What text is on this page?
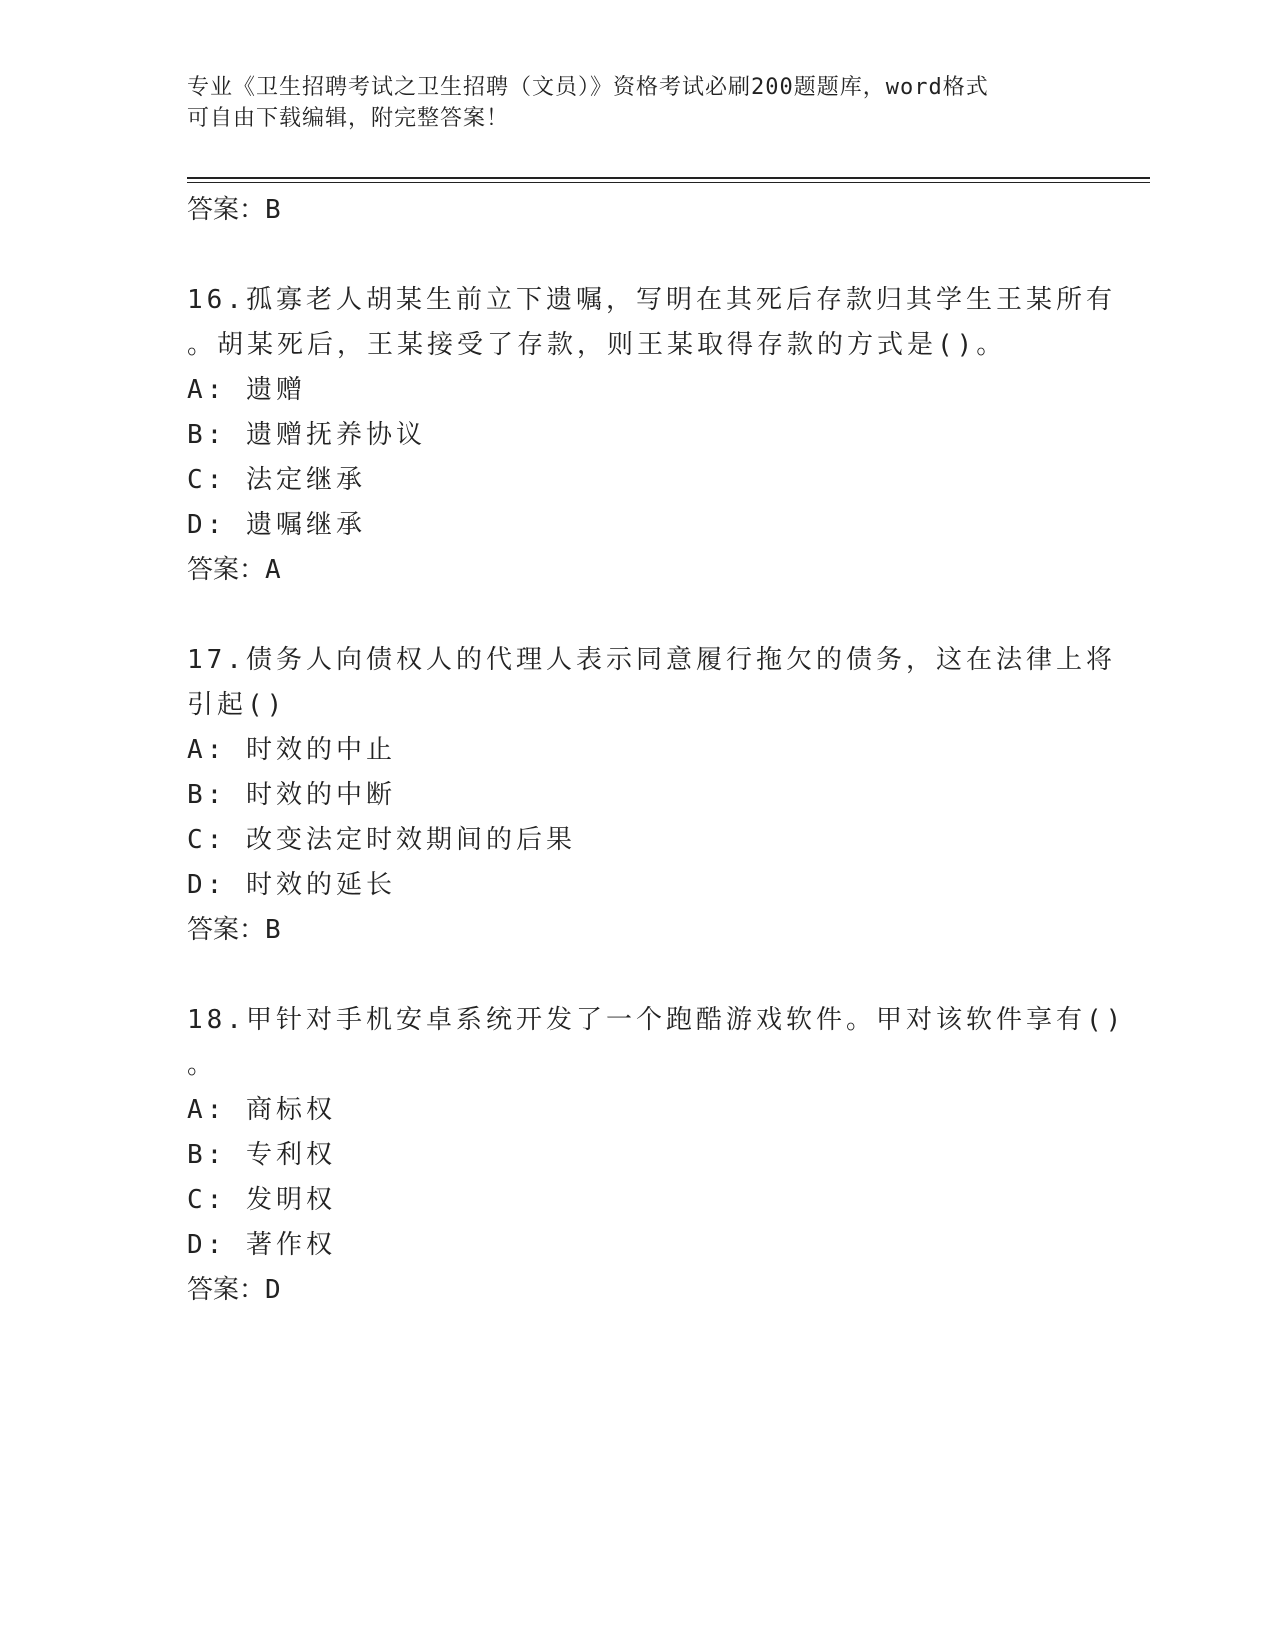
专业《卫生招聘考试之卫生招聘（文员）》资格考试必刷200题题库，word格式
可自由下载编辑，附完整答案！
答案：B
16.孤寡老人胡某生前立下遗嘱，写明在其死后存款归其学生王某所有
。胡某死后，王某接受了存款，则王某取得存款的方式是()。
A: 遗赠
B: 遗赠抚养协议
C: 法定继承
D: 遗嘱继承
答案：A
17.债务人向债权人的代理人表示同意履行拖欠的债务，这在法律上将
引起()
A: 时效的中止
B: 时效的中断
C: 改变法定时效期间的后果
D: 时效的延长
答案：B
18.甲针对手机安卓系统开发了一个跑酷游戏软件。甲对该软件享有()
。
A: 商标权
B: 专利权
C: 发明权
D: 著作权
答案：D
